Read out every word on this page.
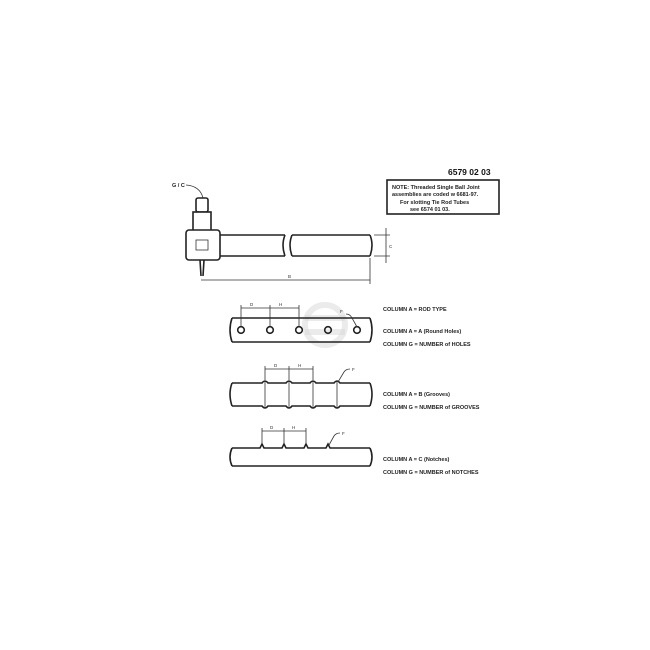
6579 02 03
NOTE: Threaded Single Ball Joint
assemblies are coded w 6681-97.
For slotting Tie Rod Tubes
see 6574 01 03.
G / C
C
B
D	H
F	COLUMN A = ROD TYPE
COLUMN A = A (Round Holes)
COLUMN G = NUMBER of HOLES
D	H
F
COLUMN A = B (Grooves)
COLUMN G = NUMBER of GROOVES
D	H
F
COLUMN A = C (Notches)
COLUMN G = NUMBER of NOTCHES
